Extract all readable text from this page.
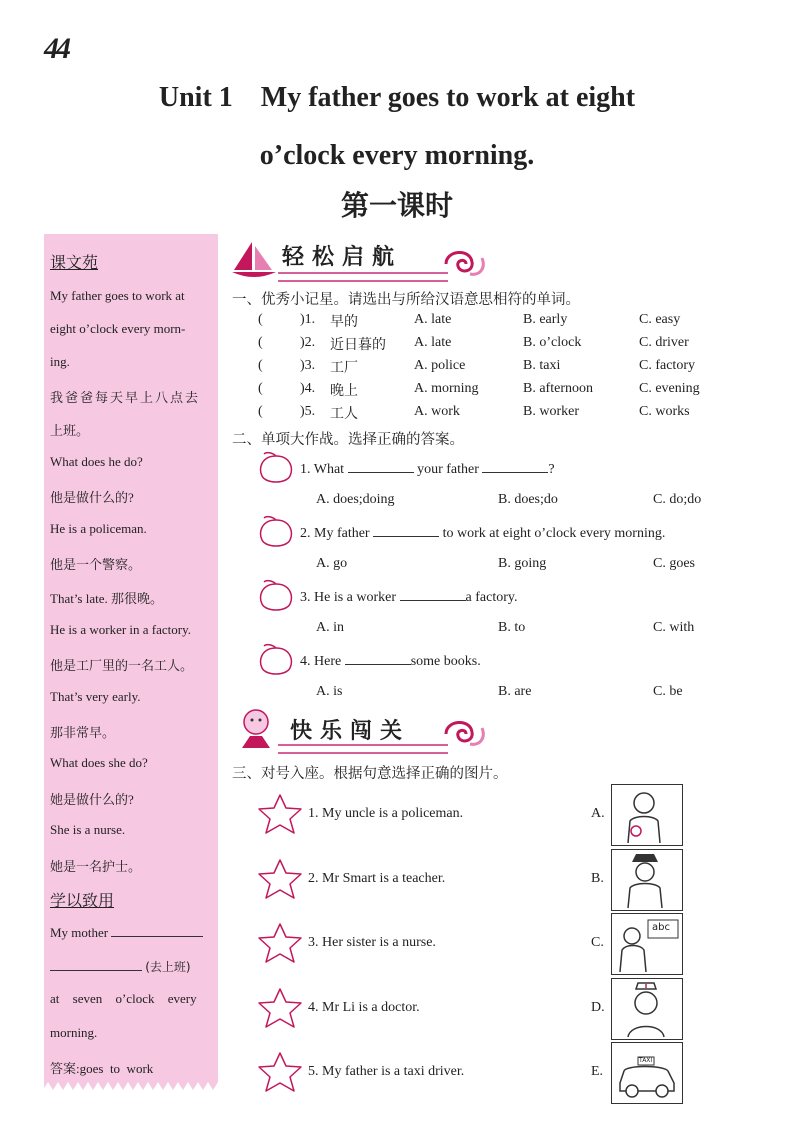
44
Unit 1    My father goes to work at eight
o’clock every morning.
第一课时
课文苑
My father goes to work at
eight o’clock every morn-
ing.
我爸爸每天早上八点去
上班。
What does he do?
他是做什么的?
He is a policeman.
他是一个警察。
That’s late. 那很晚。
He is a worker in a factory.
他是工厂里的一名工人。
That’s very early.
那非常早。
What does she do?
她是做什么的?
She is a nurse.
她是一名护士。
学以致用
My mother
(去上班)
at seven o’clock every
morning.
答案:goes  to  work
轻松启航
一、优秀小记星。请选出与所给汉语意思相符的单词。
(	)1. 早的	A. late	B. early	C. easy
(	)2. 近日暮的 A. late	B. o’clock	C. driver
(	)3. 工厂	A. police	B. taxi	C. factory
(	)4. 晚上	A. morning	B. afternoon	C. evening
(	)5. 工人	A. work	B. worker	C. works
二、单项大作战。选择正确的答案。
1. What	your father	?
A. does;doing	B. does;do	C. do;do
2. My father	to work at eight o’clock every morning.
A. go	B. going	C. goes
3. He is a worker	a factory.
A. in	B. to	C. with
4. Here	some books.
A. is	B. are	C. be
快乐闯关
三、对号入座。根据句意选择正确的图片。
1. My uncle is a policeman.	A.
2. Mr Smart is a teacher.	B.
3. Her sister is a nurse.	C.
abc
4. Mr Li is a doctor.	D.
5. My father is a taxi driver.	E.
TAXI
